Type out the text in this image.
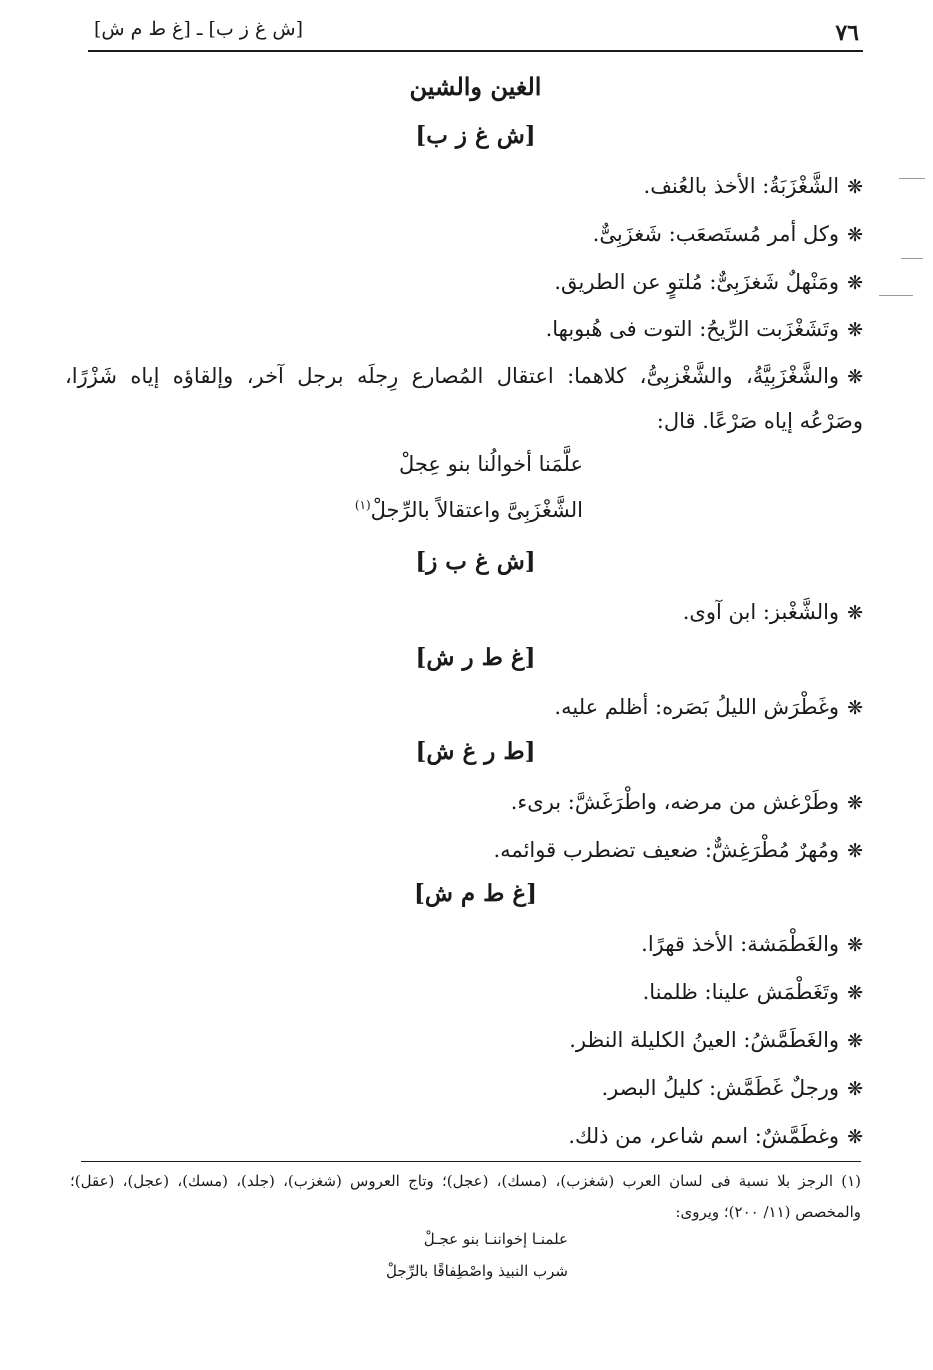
٧٦
[ش غ ز ب] ـ [غ ط م ش]
الغين والشين
[ش غ ز ب]
❋الشَّغْزَبَةُ: الأخذ بالعُنف.
❋وكل أمر مُستَصعَب: شَغزَبِىٌّ.
❋ومَنْهلٌ شَغزَبِىٌّ: مُلتوٍ عن الطريق.
❋وتَشَغْزَبت الرِّيحُ: التوت فى هُبوبها.
❋والشَّغْزَبِيَّةُ، والشَّغْزبِىُّ، كلاهما: اعتقال المُصارع رِجلَه برجل آخر، وإلقاؤه إياه شَزْرًا، وصَرْعُه إياه صَرْعًا. قال:
علَّمَنا أخوالُنا بنو عِجلْ
الشَّغْزَبِىَّ واعتقالاً بالرِّجلْ$^{(١)}$
[ش غ ب ز]
❋والشَّغْبز: ابن آوى.
[غ ط ر ش]
❋وغَطْرَش الليلُ بَصَره: أظلم عليه.
[ط ر غ ش]
❋وطَرْغش من مرضه، واطْرَغَشَّ: برىء.
❋ومُهرٌ مُطْرَغِشٌّ: ضعيف تضطرب قوائمه.
[غ ط م ش]
❋والغَطْمَشة: الأخذ قهرًا.
❋وتَغَطْمَش علينا: ظلمنا.
❋والغَطَمَّشُ: العينُ الكليلة النظر.
❋ورجلٌ غَطَمَّش: كليلُ البصر.
❋وغطَمَّشٌ: اسم شاعر، من ذلك.
(١) الرجز بلا نسبة فى لسان العرب (شغزب)، (مسك)، (عجل)؛ وتاج العروس (شغزب)، (جلد)، (مسك)، (عجل)، (عقل)؛ والمخصص (١١/ ٢٠٠)؛ ويروى:
علمنـا إخواننـا بنو عجـلْ
شرب النبيذ واصْطِفاقًا بالرِّجلْ
